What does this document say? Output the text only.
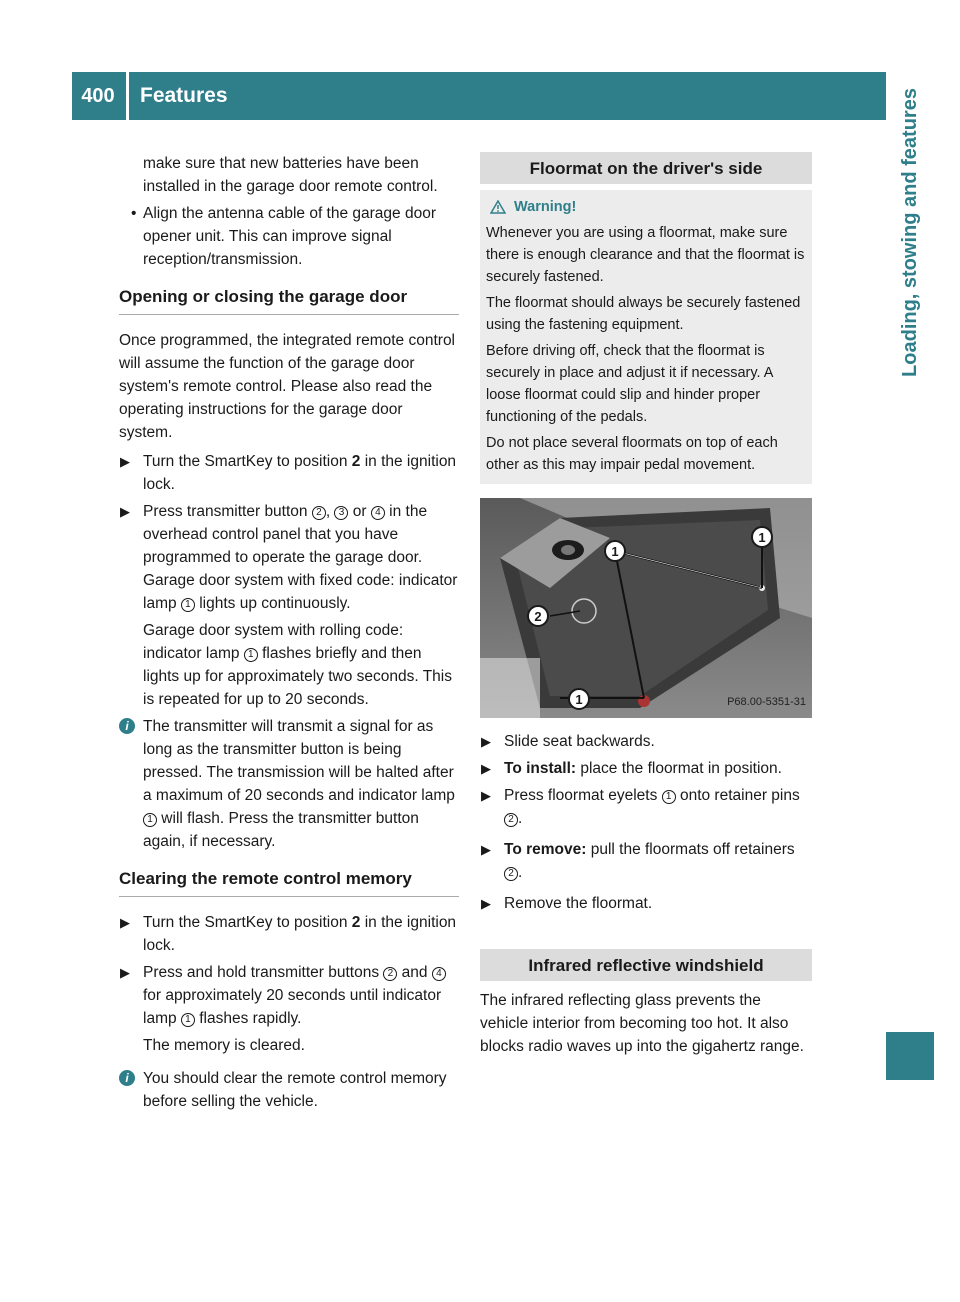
400	Features	Loading, stowing and features

make sure that new batteries have been

installed in the garage door remote control.

• Align the antenna cable of the garage door opener unit. This can improve signal reception/transmission.
Opening or closing the garage door

Once programmed, the integrated remote control will assume the function of the garage door system's remote control. Please also read the operating instructions for the garage door system.

▶ Turn the SmartKey to position 2 in the ignition lock.
▶ Press transmitter button 2 , 3 or 4 in the overhead control panel that you have programmed to operate the garage door. Garage door system with fixed code: indicator lamp 1 lights up continuously.

Garage door system with rolling code: indicator lamp 1 flashes briefly and then lights up for approximately two seconds. This is repeated for up to 20 seconds.

i The transmitter will transmit a signal for as long as the transmitter button is being pressed. The transmission will be halted after a maximum of 20 seconds and indicator lamp 1 will flash. Press the transmitter button again, if necessary.
Clearing the remote control memory
▶ Turn the SmartKey to position 2 in the ignition lock.
▶ Press and hold transmitter buttons 2 and 4 for approximately 20 seconds until indicator lamp 1 flashes rapidly.

The memory is cleared.

i You should clear the remote control memory before selling the vehicle.
Floormat on the driver's side
Warning!

Whenever you are using a floormat, make sure there is enough clearance and that the floormat is securely fastened.

The floormat should always be securely fastened using the fastening equipment.

Before driving off, check that the floormat is securely in place and adjust it if necessary. A loose floormat could slip and hinder proper functioning of the pedals.

Do not place several floormats on top of each other as this may impair pedal movement.

1
1
2
1	P68.00-5351-31
▶ Slide seat backwards.
▶ To install: place the floormat in position.
▶ Press floormat eyelets 1 onto retainer pins 2 .
▶ To remove: pull the floormats off retainers 2 .
▶ Remove the floormat.
Infrared reflective windshield

The infrared reflecting glass prevents the vehicle interior from becoming too hot. It also blocks radio waves up into the gigahertz range.
